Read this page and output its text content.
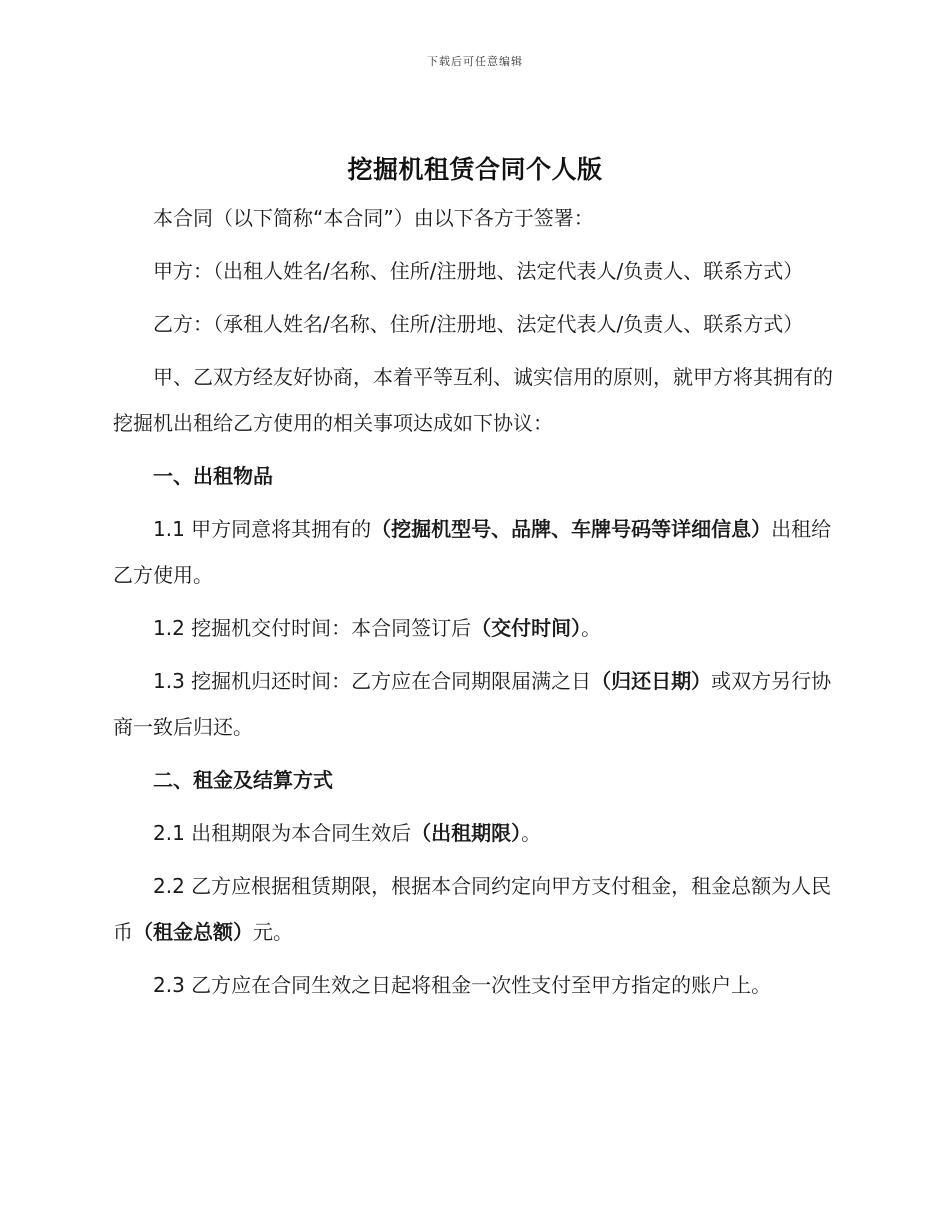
下载后可任意编辑
挖掘机租赁合同个人版

本合同（以下简称“本合同”）由以下各方于签署：

甲方：（出租人姓名/名称、住所/注册地、法定代表人/负责人、联系方式）

乙方：（承租人姓名/名称、住所/注册地、法定代表人/负责人、联系方式）

甲、乙双方经友好协商，本着平等互利、诚实信用的原则，就甲方将其拥有的挖掘机出租给乙方使用的相关事项达成如下协议：

一、出租物品

1.1 甲方同意将其拥有的（挖掘机型号、品牌、车牌号码等详细信息）出租给乙方使用。

1.2 挖掘机交付时间：本合同签订后（交付时间）。

1.3 挖掘机归还时间：乙方应在合同期限届满之日（归还日期）或双方另行协商一致后归还。

二、租金及结算方式

2.1 出租期限为本合同生效后（出租期限）。

2.2 乙方应根据租赁期限，根据本合同约定向甲方支付租金，租金总额为人民币（租金总额）元。

2.3 乙方应在合同生效之日起将租金一次性支付至甲方指定的账户上。
